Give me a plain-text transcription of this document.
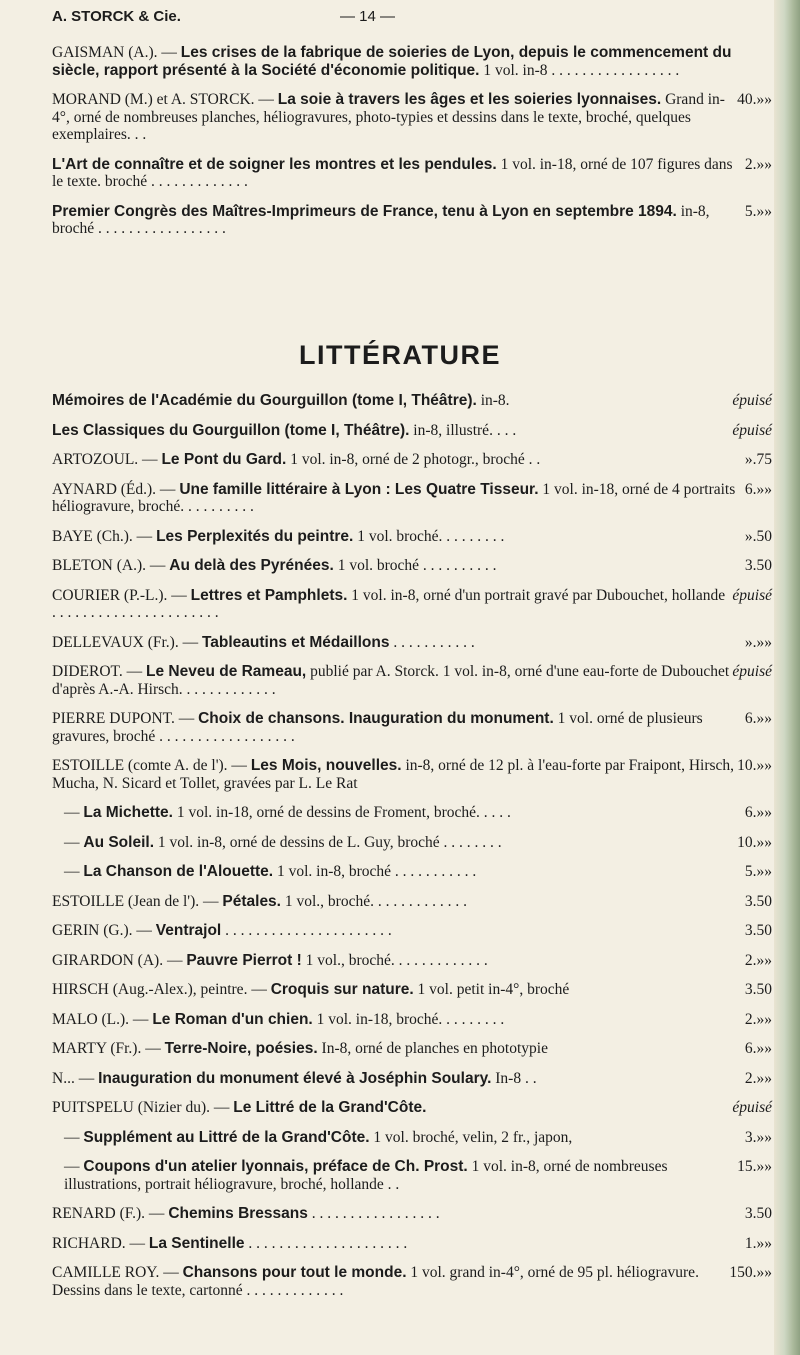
A. STORCK & Cie.	— 14 —
GAISMAN (A.). — Les crises de la fabrique de soieries de Lyon, depuis le commencement du siècle, rapport présenté à la Société d'économie politique. 1 vol. in-8 . . . . . . . . . . . . . . . . .
40.»»
MORAND (M.) et A. STORCK. — La soie à travers les âges et les soieries lyonnaises. Grand in-4°, orné de nombreuses planches, héliogravures, photo-typies et dessins dans le texte, broché, quelques exemplaires. . .
2.»»
L'Art de connaître et de soigner les montres et les pendules. 1 vol. in-18, orné de 107 figures dans le texte. broché . . . . . . . . . . . . .
5.»»
Premier Congrès des Maîtres-Imprimeurs de France, tenu à Lyon en septembre 1894. in-8, broché . . . . . . . . . . . . . . . . .
LITTÉRATURE
épuisé
Mémoires de l'Académie du Gourguillon (tome I, Théâtre). in-8.
épuisé
Les Classiques du Gourguillon (tome I, Théâtre). in-8, illustré. . . .
».75
ARTOZOUL. — Le Pont du Gard. 1 vol. in-8, orné de 2 photogr., broché . .
6.»»
AYNARD (Éd.). — Une famille littéraire à Lyon : Les Quatre Tisseur. 1 vol. in-18, orné de 4 portraits héliogravure, broché. . . . . . . . . .
».50
BAYE (Ch.). — Les Perplexités du peintre. 1 vol. broché. . . . . . . . .
3.50
BLETON (A.). — Au delà des Pyrénées. 1 vol. broché . . . . . . . . . .
épuisé
COURIER (P.-L.). — Lettres et Pamphlets. 1 vol. in-8, orné d'un portrait gravé par Dubouchet, hollande . . . . . . . . . . . . . . . . . . . . . .
».»»
DELLEVAUX (Fr.). — Tableautins et Médaillons . . . . . . . . . . .
épuisé
DIDEROT. — Le Neveu de Rameau, publié par A. Storck. 1 vol. in-8, orné d'une eau-forte de Dubouchet d'après A.-A. Hirsch. . . . . . . . . . . . .
6.»»
PIERRE DUPONT. — Choix de chansons. Inauguration du monument. 1 vol. orné de plusieurs gravures, broché . . . . . . . . . . . . . . . . . .
10.»»
ESTOILLE (comte A. de l'). — Les Mois, nouvelles. in-8, orné de 12 pl. à l'eau-forte par Fraipont, Hirsch, Mucha, N. Sicard et Tollet, gravées par L. Le Rat
6.»»
— La Michette. 1 vol. in-18, orné de dessins de Froment, broché. . . . .
10.»»
— Au Soleil. 1 vol. in-8, orné de dessins de L. Guy, broché . . . . . . . .
5.»»
— La Chanson de l'Alouette. 1 vol. in-8, broché . . . . . . . . . . .
3.50
ESTOILLE (Jean de l'). — Pétales. 1 vol., broché. . . . . . . . . . . . .
3.50
GERIN (G.). — Ventrajol . . . . . . . . . . . . . . . . . . . . . .
2.»»
GIRARDON (A). — Pauvre Pierrot ! 1 vol., broché. . . . . . . . . . . . .
3.50
HIRSCH (Aug.-Alex.), peintre. — Croquis sur nature. 1 vol. petit in-4°, broché
2.»»
MALO (L.). — Le Roman d'un chien. 1 vol. in-18, broché. . . . . . . . .
6.»»
MARTY (Fr.). — Terre-Noire, poésies. In-8, orné de planches en phototypie
2.»»
N... — Inauguration du monument élevé à Joséphin Soulary. In-8 . .
épuisé
PUITSPELU (Nizier du). — Le Littré de la Grand'Côte.
3.»»
— Supplément au Littré de la Grand'Côte. 1 vol. broché, velin, 2 fr., japon,
15.»»
— Coupons d'un atelier lyonnais, préface de Ch. Prost. 1 vol. in-8, orné de nombreuses illustrations, portrait héliogravure, broché, hollande . .
3.50
RENARD (F.). — Chemins Bressans . . . . . . . . . . . . . . . . .
1.»»
RICHARD. — La Sentinelle . . . . . . . . . . . . . . . . . . . . .
150.»»
CAMILLE ROY. — Chansons pour tout le monde. 1 vol. grand in-4°, orné de 95 pl. héliogravure. Dessins dans le texte, cartonné . . . . . . . . . . . . .
